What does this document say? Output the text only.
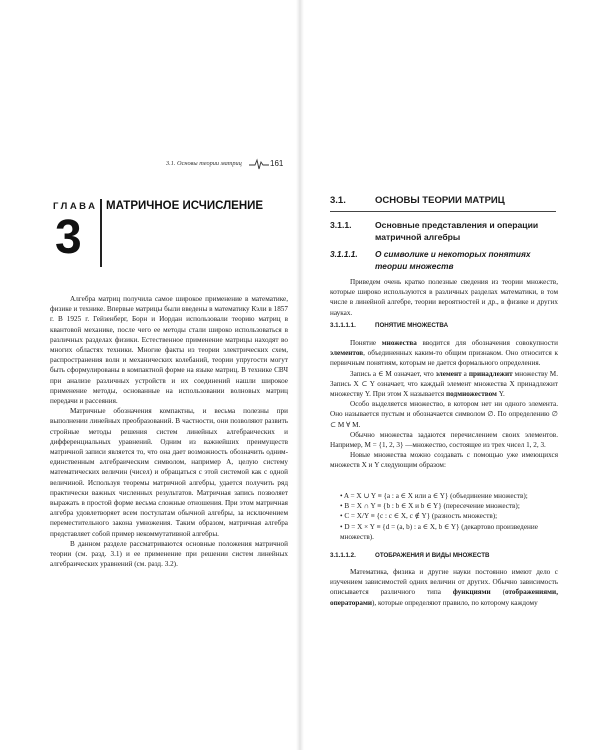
3.1. Основы теории матриц	161
ГЛАВА
3
МАТРИЧНОЕ ИСЧИСЛЕНИЕ

Алгебра матриц получила самое широкое применение в математике, физике и технике. Впервые матрицы были введены в математику Кэли в 1857 г. В 1925 г. Гейзенберг, Борн и Иордан использовали теорию матриц в квантовой механике, после чего ее методы стали широко использоваться в различных разделах физики. Естественное применение матрицы находят во многих областях техники. Многие факты из теории электрических схем, распространения волн и механических колебаний, теории упругости могут быть сформулированы в компактной форме на языке матриц. В технике СВЧ при анализе различных устройств и их соединений нашли широкое применение методы, основанные на использовании волновых матриц передачи и рассеяния.

Матричные обозначения компактны, и весьма полезны при выполнении линейных преобразований. В частности, они позволяют развить стройные методы решения систем линейных алгебраических и дифференциальных уравнений. Одним из важнейших преимуществ матричной записи является то, что она дает возможность обозначить одним-единственным алгебраическим символом, например A, целую систему математических величин (чисел) и обращаться с этой системой как с одной величиной. Используя теоремы матричной алгебры, удается получить ряд практически важных численных результатов. Матричная запись позволяет выражать в простой форме весьма сложные отношения. При этом матричная алгебра удовлетворяет всем постулатам обычной алгебры, за исключением переместительного закона умножения. Таким образом, матричная алгебра представляет собой пример некоммутативной алгебры.

В данном разделе рассматриваются основные положения матричной теории (см. разд. 3.1) и ее применение при решении систем линейных алгебраических уравнений (см. разд. 3.2).

3.1.	ОСНОВЫ ТЕОРИИ МАТРИЦ
3.1.1.	Основные представления и операции матричной алгебры
3.1.1.1. О символике и некоторых понятиях теории множеств

Приведем очень кратко полезные сведения из теории множеств, которые широко используются в различных разделах математики, в том числе в линейной алгебре, теории вероятностей и др., в физике и других науках.

3.1.1.1.1.	ПОНЯТИЕ МНОЖЕСТВА

Понятие множества вводится для обозначения совокупности элементов, объединенных каким-то общим признаком. Оно относится к первичным понятиям, которым не дается формального определения.

Запись a ∈ M означает, что элемент a принадлежит множеству M. Запись X ⊂ Y означает, что каждый элемент множества X принадлежит множеству Y. При этом X называется подмножеством Y.

Особо выделяется множество, в котором нет ни одного элемента. Оно называется пустым и обозначается символом ∅. По определению ∅ ⊂ M ∀ M.

Обычно множества задаются перечислением своих элементов. Например, M = {1, 2, 3} —множество, состоящее из трех чисел 1, 2, 3.

Новые множества можно создавать с помощью уже имеющихся множеств X и Y следующим образом:

• A = X ∪ Y ≡ {a : a ∈ X или a ∈ Y} (объединение множеств);
• B = X ∩ Y ≡ {b : b ∈ X и b ∈ Y} (пересечение множеств);
• C = X/Y ≡ {c : c ∈ X, c ∉ Y} (разность множеств);
• D = X × Y ≡ {d = (a, b) : a ∈ X, b ∈ Y} (декартово произведение множеств).
3.1.1.1.2.	ОТОБРАЖЕНИЯ И ВИДЫ МНОЖЕСТВ

Математика, физика и другие науки постоянно имеют дело с изучением зависимостей одних величин от других. Обычно зависимость описывается различного типа функциями (отображениями, операторами), которые определяют правило, по которому каждому
